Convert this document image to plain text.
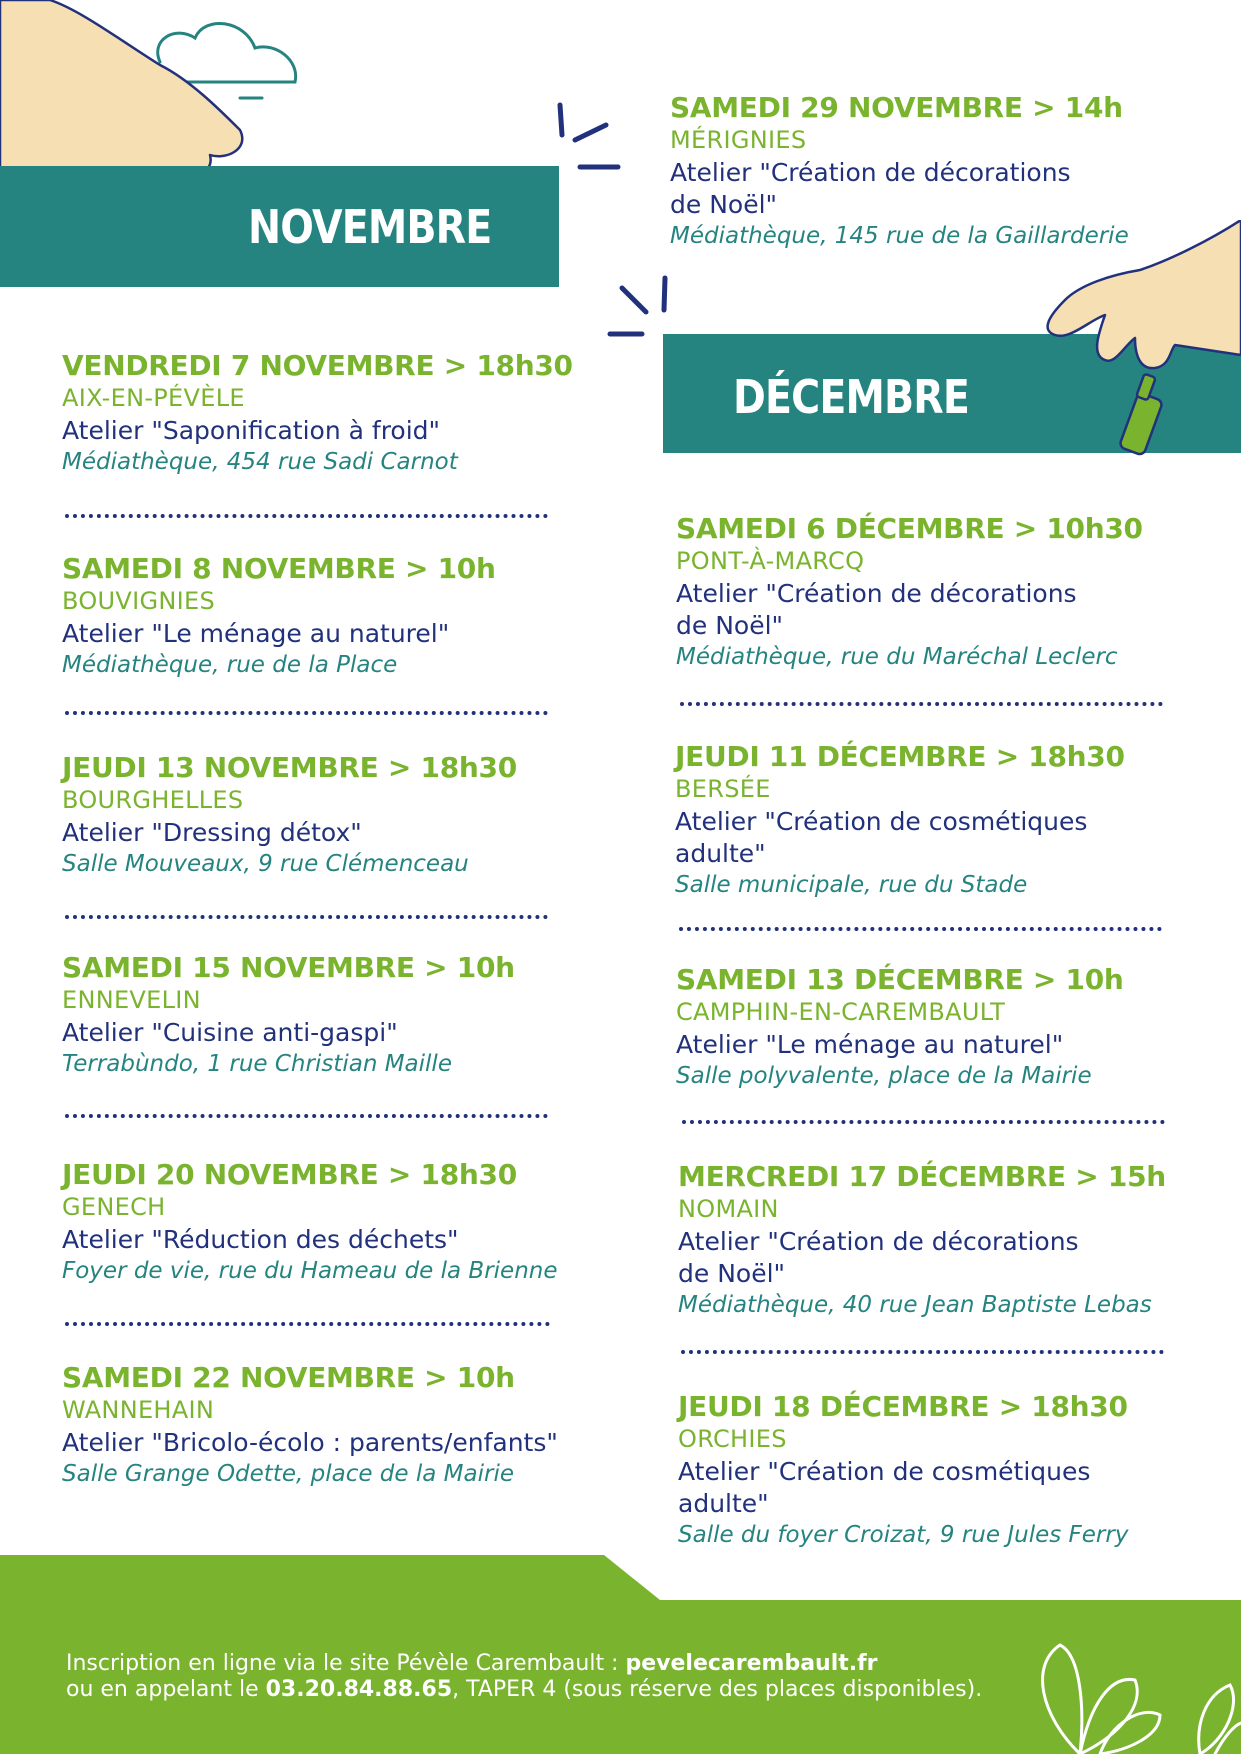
NOVEMBRE
DÉCEMBRE
VENDREDI 7 NOVEMBRE > 18h30
AIX-EN-PÉVÈLE
Atelier "Saponification à froid"
Médiathèque, 454 rue Sadi Carnot
SAMEDI 8 NOVEMBRE > 10h
BOUVIGNIES
Atelier "Le ménage au naturel"
Médiathèque, rue de la Place
JEUDI 13 NOVEMBRE > 18h30
BOURGHELLES
Atelier "Dressing détox"
Salle Mouveaux, 9 rue Clémenceau
SAMEDI 15 NOVEMBRE > 10h
ENNEVELIN
Atelier "Cuisine anti-gaspi"
Terrabùndo, 1 rue Christian Maille
JEUDI 20 NOVEMBRE > 18h30
GENECH
Atelier "Réduction des déchets"
Foyer de vie, rue du Hameau de la Brienne
SAMEDI 22 NOVEMBRE > 10h
WANNEHAIN
Atelier "Bricolo-écolo : parents/enfants"
Salle Grange Odette, place de la Mairie
SAMEDI 29 NOVEMBRE > 14h
MÉRIGNIES
Atelier "Création de décorations
de Noël"
Médiathèque, 145 rue de la Gaillarderie
SAMEDI 6 DÉCEMBRE > 10h30
PONT-À-MARCQ
Atelier "Création de décorations
de Noël"
Médiathèque, rue du Maréchal Leclerc
JEUDI 11 DÉCEMBRE > 18h30
BERSÉE
Atelier "Création de cosmétiques
adulte"
Salle municipale, rue du Stade
SAMEDI 13 DÉCEMBRE > 10h
CAMPHIN-EN-CAREMBAULT
Atelier "Le ménage au naturel"
Salle polyvalente, place de la Mairie
MERCREDI 17 DÉCEMBRE > 15h
NOMAIN
Atelier "Création de décorations
de Noël"
Médiathèque, 40 rue Jean Baptiste Lebas
JEUDI 18 DÉCEMBRE > 18h30
ORCHIES
Atelier "Création de cosmétiques
adulte"
Salle du foyer Croizat, 9 rue Jules Ferry
Inscription en ligne via le site Pévèle Carembault : pevelecarembault.fr
ou en appelant le 03.20.84.88.65, TAPER 4 (sous réserve des places disponibles).
